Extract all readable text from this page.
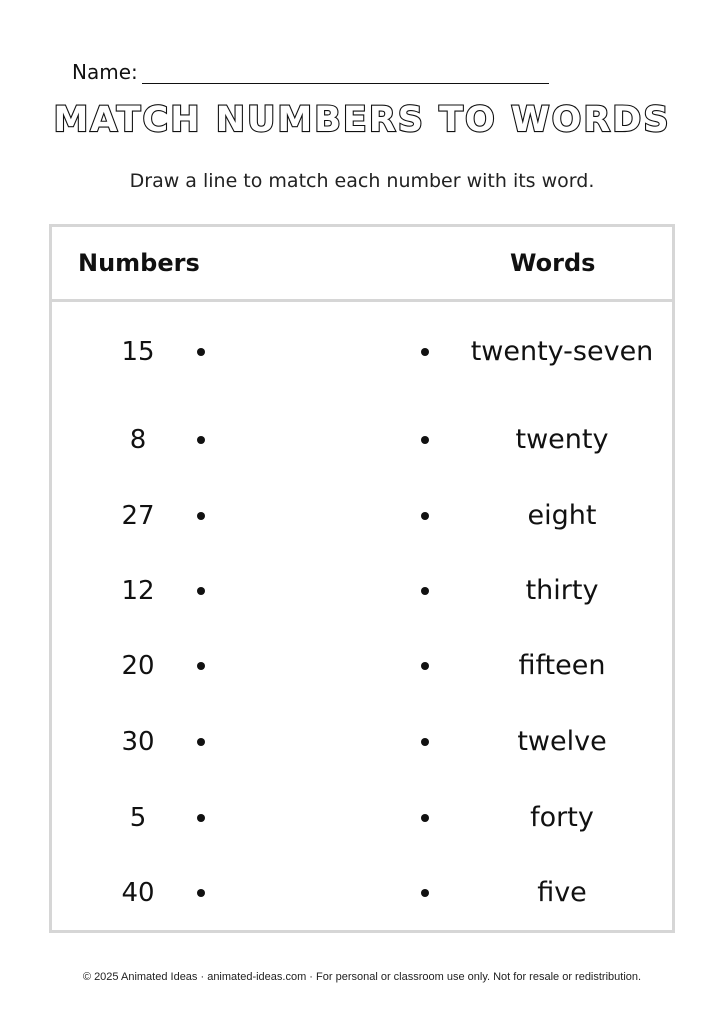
Name:
MATCH NUMBERS TO WORDS
Draw a line to match each number with its word.
Numbers	Words
15	twenty-seven
8	twenty
27	eight
12	thirty
20	fifteen
30	twelve
5	forty
40	five
© 2025 Animated Ideas · animated-ideas.com · For personal or classroom use only. Not for resale or redistribution.
